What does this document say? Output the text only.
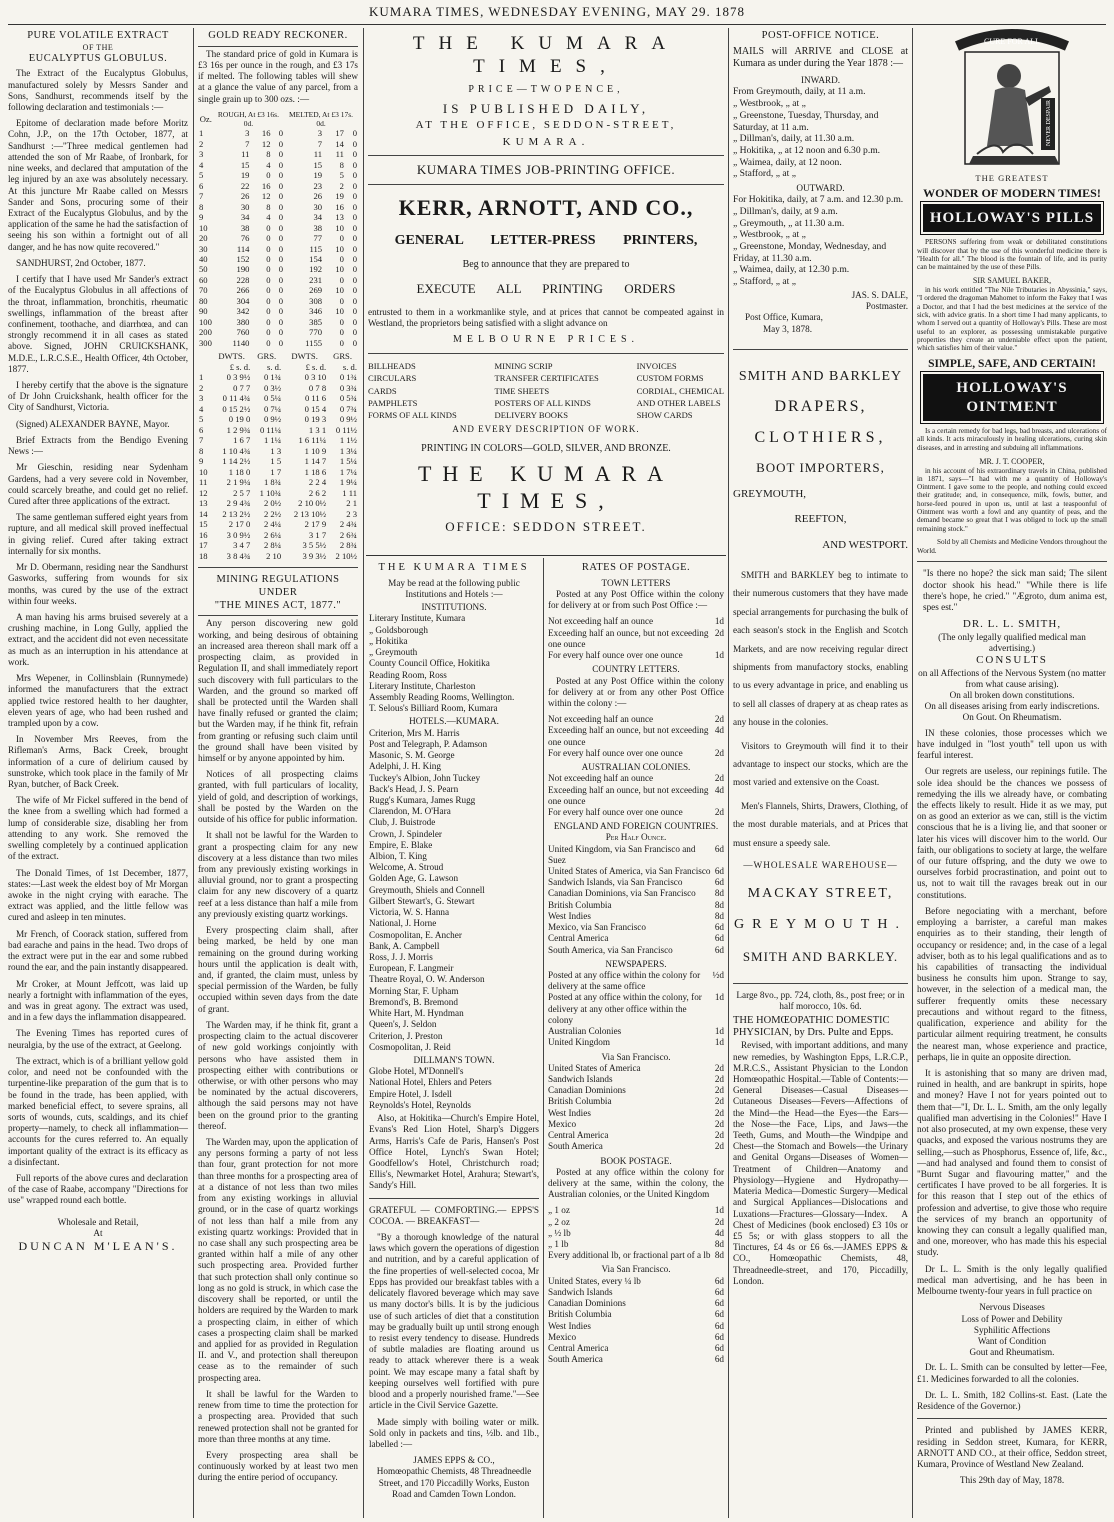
KUMARA TIMES, WEDNESDAY EVENING, MAY 29. 1878
PURE VOLATILE EXTRACT
OF THE
EUCALYPTUS GLOBULUS.

The Extract of the Eucalyptus Globulus, manufactured solely by Messrs Sander and Sons, Sandhurst, recommends itself by the following declaration and testimonials :—

Epitome of declaration made before Moritz Cohn, J.P., on the 17th October, 1877, at Sandhurst :—"Three medical gentlemen had attended the son of Mr Raabe, of Ironbark, for nine weeks, and declared that amputation of the leg injured by an axe was absolutely necessary. At this juncture Mr Raabe called on Messrs Sander and Sons, procuring some of their Extract of the Eucalyptus Globulus, and by the application of the same he had the satisfaction of seeing his son within a fortnight out of all danger, and he has now quite recovered."

SANDHURST, 2nd October, 1877.

I certify that I have used Mr Sander's extract of the Eucalyptus Globulus in all affections of the throat, inflammation, bronchitis, rheumatic swellings, inflammation of the breast after confinement, toothache, and diarrhœa, and can strongly recommend it in all cases as stated above. Signed, JOHN CRUICKSHANK, M.D.E., L.R.C.S.E., Health Officer, 4th October, 1877.

I hereby certify that the above is the signature of Dr John Cruickshank, health officer for the City of Sandhurst, Victoria.

(Signed) ALEXANDER BAYNE, Mayor.

Brief Extracts from the Bendigo Evening News :—

Mr Gieschin, residing near Sydenham Gardens, had a very severe cold in November, could scarcely breathe, and could get no relief. Cured after three applications of the extract.

The same gentleman suffered eight years from rupture, and all medical skill proved ineffectual in giving relief. Cured after taking extract internally for six months.

Mr D. Obermann, residing near the Sandhurst Gasworks, suffering from wounds for six months, was cured by the use of the extract within four weeks.

A man having his arms bruised severely at a crushing machine, in Long Gully, applied the extract, and the accident did not even necessitate as much as an interruption in his attendance at work.

Mrs Wepener, in Collinsblain (Runnymede) informed the manufacturers that the extract applied twice restored health to her daughter, eleven years of age, who had been rushed and trampled upon by a cow.

In November Mrs Reeves, from the Rifleman's Arms, Back Creek, brought information of a cure of delirium caused by sunstroke, which took place in the family of Mr Ryan, butcher, of Back Creek.

The wife of Mr Fickel suffered in the bend of the knee from a swelling which had formed a lump of considerable size, disabling her from attending to any work. She removed the swelling completely by a continued application of the extract.

The Donald Times, of 1st December, 1877, states:—Last week the eldest boy of Mr Morgan awoke in the night crying with earache. The extract was applied, and the little fellow was cured and asleep in ten minutes.

Mr French, of Coorack station, suffered from bad earache and pains in the head. Two drops of the extract were put in the ear and some rubbed round the ear, and the pain instantly disappeared.

Mr Croker, at Mount Jeffcott, was laid up nearly a fortnight with inflammation of the eyes, and was in great agony. The extract was used, and in a few days the inflammation disappeared.

The Evening Times has reported cures of neuralgia, by the use of the extract, at Geelong.

The extract, which is of a brilliant yellow gold color, and need not be confounded with the turpentine-like preparation of the gum that is to be found in the trade, has been applied, with marked beneficial effect, to severe sprains, all sorts of wounds, cuts, scaldings, and its chief property—namely, to check all inflammation—accounts for the cures referred to. An equally important quality of the extract is its efficacy as a disinfectant.

Full reports of the above cures and declaration of the case of Raabe, accompany "Directions for use" wrapped round each bottle.

Wholesale and Retail,
At
DUNCAN M'LEAN'S.
GOLD READY RECKONER.

The standard price of gold in Kumara is £3 16s per ounce in the rough, and £3 17s if melted. The following tables will shew at a glance the value of any parcel, from a single grain up to 300 ozs. :—

Oz.	ROUGH, At £3 16s. 0d.			MELTED, At £3 17s. 0d.		
1	3	16	0	3	17	0
2	7	12	0	7	14	0
3	11	8	0	11	11	0
4	15	4	0	15	8	0
5	19	0	0	19	5	0
6	22	16	0	23	2	0
7	26	12	0	26	19	0
8	30	8	0	30	16	0
9	34	4	0	34	13	0
10	38	0	0	38	10	0
20	76	0	0	77	0	0
30	114	0	0	115	10	0
40	152	0	0	154	0	0
50	190	0	0	192	10	0
60	228	0	0	231	0	0
70	266	0	0	269	10	0
80	304	0	0	308	0	0
90	342	0	0	346	10	0
100	380	0	0	385	0	0
200	760	0	0	770	0	0
300	1140	0	0	1155	0	0
	DWTS.	GRS.	DWTS.	GRS.
	£ s. d.	s. d.	£ s. d.	s. d.
1	0 3 9½	0 1¾	0 3 10	0 1¾
2	0 7 7	0 3½	0 7 8	0 3¾
3	0 11 4¾	0 5¼	0 11 6	0 5¾
4	0 15 2½	0 7¼	0 15 4	0 7¾
5	0 19 0	0 9½	0 19 3	0 9½
6	1 2 9¾	0 11¼	1 3 1	0 11½
7	1 6 7	1 1¼	1 6 11¼	1 1½
8	1 10 4¾	1 3	1 10 9	1 3¼
9	1 14 2½	1 5	1 14 7	1 5¼
10	1 18 0	1 7	1 18 6	1 7¼
11	2 1 9¼	1 8¾	2 2 4	1 9¼
12	2 5 7	1 10¾	2 6 2	1 11
13	2 9 4¾	2 0½	2 10 0½	2 1
14	2 13 2½	2 2½	2 13 10½	2 3
15	2 17 0	2 4¼	2 17 9	2 4¾
16	3 0 9½	2 6¼	3 1 7	2 6¾
17	3 4 7	2 8¼	3 5 5½	2 8¾
18	3 8 4¾	2 10	3 9 3½	2 10½
MINING REGULATIONS UNDER
"THE MINES ACT, 1877."

Any person discovering new gold working, and being desirous of obtaining an increased area thereon shall mark off a prospecting claim, as provided in Regulation II, and shall immediately report such discovery with full particulars to the Warden, and the ground so marked off shall be protected until the Warden shall have finally refused or granted the claim; but the Warden may, if he think fit, refrain from granting or refusing such claim until the ground shall have been visited by himself or by anyone appointed by him.

Notices of all prospecting claims granted, with full particulars of locality, yield of gold, and description of workings, shall be posted by the Warden on the outside of his office for public information.

It shall not be lawful for the Warden to grant a prospecting claim for any new discovery at a less distance than two miles from any previously existing workings in alluvial ground, nor to grant a prospecting claim for any new discovery of a quartz reef at a less distance than half a mile from any previously existing quartz workings.

Every prospecting claim shall, after being marked, be held by one man remaining on the ground during working hours until the application is dealt with, and, if granted, the claim must, unless by special permission of the Warden, be fully occupied within seven days from the date of grant.

The Warden may, if he think fit, grant a prospecting claim to the actual discoverer of new gold workings conjointly with persons who have assisted them in prospecting either with contributions or otherwise, or with other persons who may be nominated by the actual discoverers, although the said persons may not have been on the ground prior to the granting thereof.

The Warden may, upon the application of any persons forming a party of not less than four, grant protection for not more than three months for a prospecting area of at a distance of not less than two miles from any existing workings in alluvial ground, or in the case of quartz workings of not less than half a mile from any existing quartz workings: Provided that in no case shall any such prospecting area be granted within half a mile of any other such prospecting area. Provided further that such protection shall only continue so long as no gold is struck, in which case the discovery shall be reported, or until the holders are required by the Warden to mark a prospecting claim, in either of which cases a prospecting claim shall be marked and applied for as provided in Regulation II. and V., and protection shall thereupon cease as to the remainder of such prospecting area.

It shall be lawful for the Warden to renew from time to time the protection for a prospecting area. Provided that such renewed protection shall not be granted for more than three months at any time.

Every prospecting area shall be continuously worked by at least two men during the entire period of occupancy.

THE KUMARA TIMES,
PRICE—TWOPENCE,
IS PUBLISHED DAILY,
AT THE OFFICE, SEDDON-STREET,
KUMARA.
KUMARA TIMES JOB-PRINTING OFFICE.
KERR, ARNOTT, AND CO.,
GENERAL LETTER-PRESS PRINTERS,
Beg to announce that they are prepared to
EXECUTE ALL PRINTING ORDERS

entrusted to them in a workmanlike style, and at prices that cannot be compeated against in Westland, the proprietors being satisfied with a slight advance on

MELBOURNE PRICES.
BILLHEADS
CIRCULARS
CARDS
PAMPHLETS
FORMS OF ALL KINDS
MINING SCRIP
TRANSFER CERTIFICATES
TIME SHEETS
POSTERS OF ALL KINDS
DELIVERY BOOKS
INVOICES
CUSTOM FORMS
CORDIAL, CHEMICAL
AND OTHER LABELS
SHOW CARDS
AND EVERY DESCRIPTION OF WORK.
PRINTING IN COLORS—GOLD, SILVER, AND BRONZE.
THE KUMARA TIMES,
OFFICE: SEDDON STREET.
THE KUMARA TIMES
May be read at the following public Institutions and Hotels :—
INSTITUTIONS.
Literary Institute, Kumara
„ Goldsborough
„ Hokitika
„ Greymouth
County Council Office, Hokitika
Reading Room, Ross
Literary Institute, Charleston
Assembly Reading Rooms, Wellington.
T. Selous's Billiard Room, Kumara
HOTELS.—KUMARA.
Criterion, Mrs M. Harris
Post and Telegraph, P. Adamson
Masonic, S. M. George
Adelphi, J. H. King
Tuckey's Albion, John Tuckey
Back's Head, J. S. Pearn
Rugg's Kumara, James Rugg
Clarendon, M. O'Hara
Club, J. Buistrode
Crown, J. Spindeler
Empire, E. Blake
Albion, T. King
Welcome, A. Stroud
Golden Age, G. Lawson
Greymouth, Shiels and Connell
Gilbert Stewart's, G. Stewart
Victoria, W. S. Hanna
National, J. Horne
Cosmopolitan, E. Ancher
Bank, A. Campbell
Ross, J. J. Morris
European, F. Langmeir
Theatre Royal, O. W. Anderson
Morning Star, F. Upham
Bremond's, B. Bremond
White Hart, M. Hyndman
Queen's, J. Seldon
Criterion, J. Preston
Cosmopolitan, J. Reid
DILLMAN'S TOWN.
Globe Hotel, M'Donnell's
National Hotel, Ehlers and Peters
Empire Hotel, J. Isdell
Reynolds's Hotel, Reynolds

Also, at Hokitika—Church's Empire Hotel, Evans's Red Lion Hotel, Sharp's Diggers Arms, Harris's Cafe de Paris, Hansen's Post Office Hotel, Lynch's Swan Hotel; Goodfellow's Hotel, Christchurch road; Ellis's, Newmarket Hotel, Arahura; Stewart's, Sandy's Hill.

GRATEFUL — COMFORTING.— EPPS'S COCOA. — BREAKFAST—

"By a thorough knowledge of the natural laws which govern the operations of digestion and nutrition, and by a careful application of the fine properties of well-selected cocoa, Mr Epps has provided our breakfast tables with a delicately flavored beverage which may save us many doctor's bills. It is by the judicious use of such articles of diet that a constitution may be gradually built up until strong enough to resist every tendency to disease. Hundreds of subtle maladies are floating around us ready to attack wherever there is a weak point. We may escape many a fatal shaft by keeping ourselves well fortified with pure blood and a properly nourished frame."—See article in the Civil Service Gazette.

Made simply with boiling water or milk. Sold only in packets and tins, ½lb. and 1lb., labelled :—

JAMES EPPS & CO.,
Homœopathic Chemists, 48 Threadneedle Street, and 170 Piccadilly Works, Euston Road and Camden Town London.
RATES OF POSTAGE.
TOWN LETTERS

Posted at any Post Office within the colony for delivery at or from such Post Office :—

Not exceeding half an ounce	1d
Exceeding half an ounce, but not exceeding one ounce
2d
For every half ounce over one ounce	1d
COUNTRY LETTERS.

Posted at any Post Office within the colony for delivery at or from any other Post Office within the colony :—

Not exceeding half an ounce	2d
Exceeding half an ounce, but not exceeding one ounce
4d
For every half ounce over one ounce	2d
AUSTRALIAN COLONIES.
Not exceeding half an ounce	2d
Exceeding half an ounce, but not exceeding one ounce
4d
For every half ounce over one ounce	2d
ENGLAND AND FOREIGN COUNTRIES. Per Half Ounce.
United Kingdom, via San Francisco and Suez
6d
United States of America, via San Francisco 6d
Sandwich Islands, via San Francisco	6d
Canadian Dominions, via San Francisco	8d
British Columbia	8d
West Indies	8d
Mexico, via San Francisco	6d
Central America	6d
South America, via San Francisco	6d
NEWSPAPERS.
Posted at any office within the colony for delivery at the same office
½d
Posted at any office within the colony, for delivery at any other office within the colony
1d
Australian Colonies	1d
United Kingdom	1d
Via San Francisco.
United States of America	2d
Sandwich Islands	2d
Canadian Dominions	2d
British Columbia	2d
West Indies	2d
Mexico	2d
Central America	2d
South America	2d
BOOK POSTAGE.

Posted at any office within the colony for delivery at the same, within the colony, the Australian colonies, or the United Kingdom

„ 1 oz	1d
„ 2 oz	2d
„ ½ lb	4d
„ 1 lb	8d
Every additional lb, or fractional part of a lb 8d
Via San Francisco.
United States, every ¼ lb	6d
Sandwich Islands	6d
Canadian Dominions	6d
British Columbia	6d
West Indies	6d
Mexico	6d
Central America	6d
South America	6d
POST-OFFICE NOTICE.

MAILS will ARRIVE and CLOSE at Kumara as under during the Year 1878 :—

INWARD.
From Greymouth, daily, at 11 a.m.
„ Westbrook, „ at „
„ Greenstone, Tuesday, Thursday, and Saturday, at 11 a.m.
„ Dillman's, daily, at 11.30 a.m.
„ Hokitika, „ at 12 noon and 6.30 p.m.
„ Waimea, daily, at 12 noon.
„ Stafford, „ at „
OUTWARD.
For Hokitika, daily, at 7 a.m. and 12.30 p.m.
„ Dillman's, daily, at 9 a.m.
„ Greymouth, „ at 11.30 a.m.
„ Westbrook, „ at „
„ Greenstone, Monday, Wednesday, and Friday, at 11.30 a.m.
„ Waimea, daily, at 12.30 p.m.
„ Stafford, „ at „
JAS. S. DALE,
Postmaster.
Post Office, Kumara,
May 3, 1878.
SMITH AND BARKLEY
DRAPERS,
CLOTHIERS,
BOOT IMPORTERS,
GREYMOUTH,
REEFTON,
AND WESTPORT.

SMITH and BARKLEY beg to intimate to their numerous customers that they have made special arrangements for purchasing the bulk of each season's stock in the English and Scotch Markets, and are now receiving regular direct shipments from manufactory stocks, enabling to us every advantage in price, and enabling us to sell all classes of drapery at as cheap rates as any house in the colonies.

Visitors to Greymouth will find it to their advantage to inspect our stocks, which are the most varied and extensive on the Coast.

Men's Flannels, Shirts, Drawers, Clothing, of the most durable materials, and at Prices that must ensure a speedy sale.

—WHOLESALE WAREHOUSE—
MACKAY STREET,
GREYMOUTH.
SMITH AND BARKLEY.
Large 8vo., pp. 724, cloth, 8s., post free; or in half morocco, 10s. 6d.
THE HOMŒOPATHIC DOMESTIC PHYSICIAN, by Drs. Pulte and Epps.

Revised, with important additions, and many new remedies, by Washington Epps, L.R.C.P., M.R.C.S., Assistant Physician to the London Homœopathic Hospital.—Table of Contents:—General Diseases—Casual Diseases—Cutaneous Diseases—Fevers—Affections of the Mind—the Head—the Eyes—the Ears—the Nose—the Face, Lips, and Jaws—the Teeth, Gums, and Mouth—the Windpipe and Chest—the Stomach and Bowels—the Urinary and Genital Organs—Diseases of Women—Treatment of Children—Anatomy and Physiology—Hygiene and Hydropathy—Materia Medica—Domestic Surgery—Medical and Surgical Appliances—Dislocations and Luxations—Fractures—Glossary—Index. A Chest of Medicines (book enclosed) £3 10s or £5 5s; or with glass stoppers to all the Tinctures, £4 4s or £6 6s.—JAMES EPPS & CO., Homœopathic Chemists, 48, Threadneedle-street, and 170, Piccadilly, London.

CURE FOR ALL
NEVER DESPAIR
THE GREATEST
WONDER OF MODERN TIMES!
HOLLOWAY'S PILLS

PERSONS suffering from weak or debilitated constitutions will discover that by the use of this wonderful medicine there is "Health for all." The blood is the fountain of life, and its purity can be maintained by the use of these Pills.

SIR SAMUEL BAKER,

in his work entitled "The Nile Tributaries in Abyssinia," says, "I ordered the dragoman Mahomet to inform the Fakey that I was a Doctor, and that I had the best medicines at the service of the sick, with advice gratis. In a short time I had many applicants, to whom I served out a quantity of Holloway's Pills. These are most useful to an explorer, as possessing unmistakable purgative properties they create an undeniable effect upon the patient, which satisfies him of their value."

SIMPLE, SAFE, AND CERTAIN!
HOLLOWAY'S OINTMENT

Is a certain remedy for bad legs, bad breasts, and ulcerations of all kinds. It acts miraculously in healing ulcerations, curing skin diseases, and in arresting and subduing all inflammations.

MR. J. T. COOPER,

in his account of his extraordinary travels in China, published in 1871, says—"I had with me a quantity of Holloway's Ointment. I gave some to the people, and nothing could exceed their gratitude; and, in consequence, milk, fowls, butter, and horse-feed poured in upon us, until at last a teaspoonful of Ointment was worth a fowl and any quantity of peas, and the demand became so great that I was obliged to lock up the small remaining stock."

Sold by all Chemists and Medicine Vendors throughout the World.

"Is there no hope? the sick man said; The silent doctor shook his head." "While there is life there's hope, he cried." "Ægroto, dum anima est, spes est."

DR. L. L. SMITH,
(The only legally qualified medical man advertising.)
CONSULTS
on all Affections of the Nervous System (no matter from what cause arising).
On all broken down constitutions.
On all diseases arising from early indiscretions.
On Gout. On Rheumatism.

IN these colonies, those processes which we have indulged in "lost youth" tell upon us with fearful interest.

Our regrets are useless, our repinings futile. The sole idea should be the chances we possess of remedying the ills we already have, or combating the effects likely to result. Hide it as we may, put on as good an exterior as we can, still is the victim conscious that he is a living lie, and that sooner or later his vices will discover him to the world. Our faith, our obligations to society at large, the welfare of our future offspring, and the duty we owe to ourselves forbid procrastination, and point out to us, not to wait till the ravages break out in our constitutions.

Before negociating with a merchant, before employing a barrister, a careful man makes enquiries as to their standing, their length of occupancy or residence; and, in the case of a legal adviser, both as to his legal qualifications and as to his capabilities of transacting the individual business he consults him upon. Strange to say, however, in the selection of a medical man, the sufferer frequently omits these necessary precautions and without regard to the fitness, qualification, experience and ability for the particular ailment requiring treatment, he consults the nearest man, whose experience and practice, perhaps, lie in quite an opposite direction.

It is astonishing that so many are driven mad, ruined in health, and are bankrupt in spirits, hope and money? Have I not for years pointed out to them that—"I, Dr. L. L. Smith, am the only legally qualified man advertising in the Colonies!" Have I not also prosecuted, at my own expense, these very quacks, and exposed the various nostrums they are selling,—such as Phosphorus, Essence of, life, &c.,—and had analysed and found them to consist of "Burnt Sugar and flavouring matter," and the certificates I have proved to be all forgeries. It is for this reason that I step out of the ethics of profession and advertise, to give those who require the services of my branch an opportunity of knowing they can consult a legally qualified man, and one, moreover, who has made this his especial study.

Dr L. L. Smith is the only legally qualified medical man advertising, and he has been in Melbourne twenty-four years in full practice on

Nervous Diseases
Loss of Power and Debility
Syphilitic Affections
Want of Condition
Gout and Rheumatism.

Dr. L. L. Smith can be consulted by letter—Fee, £1. Medicines forwarded to all the colonies.

Dr. L. L. Smith, 182 Collins-st. East. (Late the Residence of the Governor.)

Printed and published by JAMES KERR, residing in Seddon street, Kumara, for KERR, ARNOTT AND CO., at their office, Seddon street, Kumara, Province of Westland New Zealand.

This 29th day of May, 1878.
